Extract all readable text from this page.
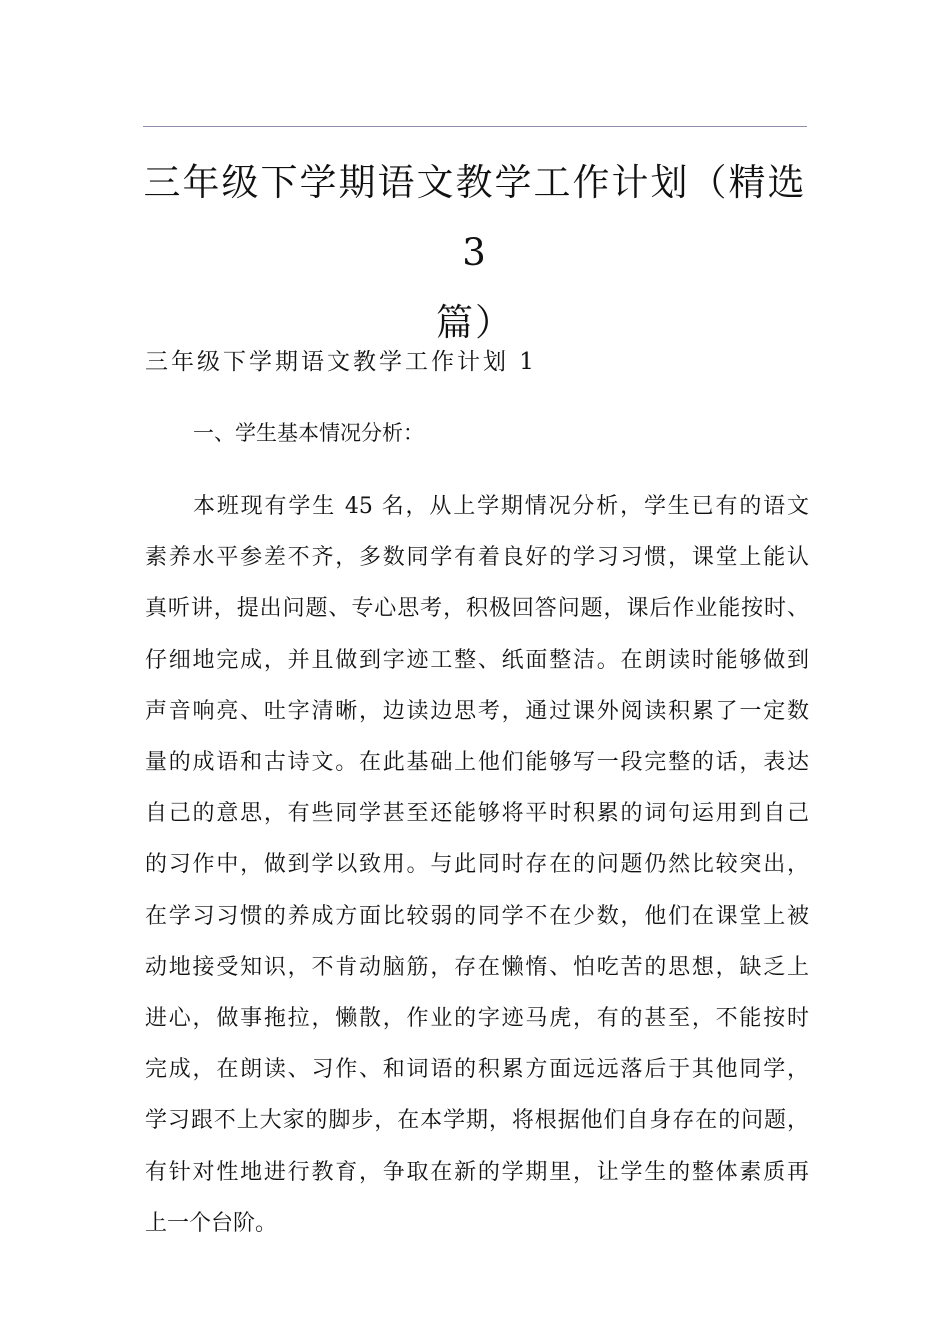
三年级下学期语文教学工作计划（精选 3
篇）
三年级下学期语文教学工作计划 1
一、学生基本情况分析：

本班现有学生 45 名，从上学期情况分析，学生已有的语文
素养水平参差不齐，多数同学有着良好的学习习惯，课堂上能认
真听讲，提出问题、专心思考，积极回答问题，课后作业能按时、
仔细地完成，并且做到字迹工整、纸面整洁。在朗读时能够做到
声音响亮、吐字清晰，边读边思考，通过课外阅读积累了一定数
量的成语和古诗文。在此基础上他们能够写一段完整的话，表达
自己的意思，有些同学甚至还能够将平时积累的词句运用到自己
的习作中，做到学以致用。与此同时存在的问题仍然比较突出，
在学习习惯的养成方面比较弱的同学不在少数，他们在课堂上被
动地接受知识，不肯动脑筋，存在懒惰、怕吃苦的思想，缺乏上
进心，做事拖拉，懒散，作业的字迹马虎，有的甚至，不能按时
完成，在朗读、习作、和词语的积累方面远远落后于其他同学，
学习跟不上大家的脚步，在本学期，将根据他们自身存在的问题，
有针对性地进行教育，争取在新的学期里，让学生的整体素质再
上一个台阶。
